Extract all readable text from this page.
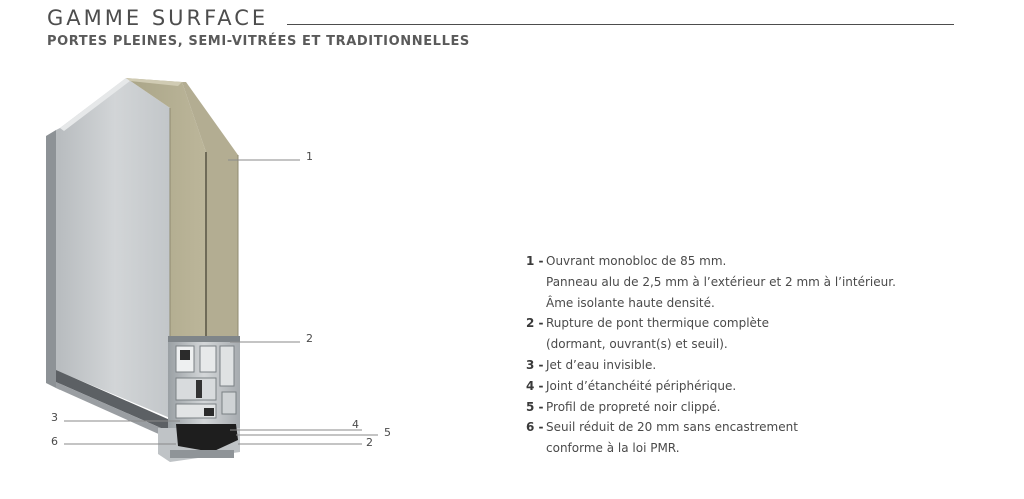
GAMME SURFACE
PORTES PLEINES, SEMI-VITRÉES ET TRADITIONNELLES
1
2
3
4
5
6	2
1 - Ouvrant monobloc de 85 mm.
Panneau alu de 2,5 mm à l’extérieur et 2 mm à l’intérieur.
Âme isolante haute densité.
2 - Rupture de pont thermique complète
(dormant, ouvrant(s) et seuil).
3 - Jet d’eau invisible.
4 - Joint d’étanchéité périphérique.
5 - Profil de propreté noir clippé.
6 - Seuil réduit de 20 mm sans encastrement
conforme à la loi PMR.
